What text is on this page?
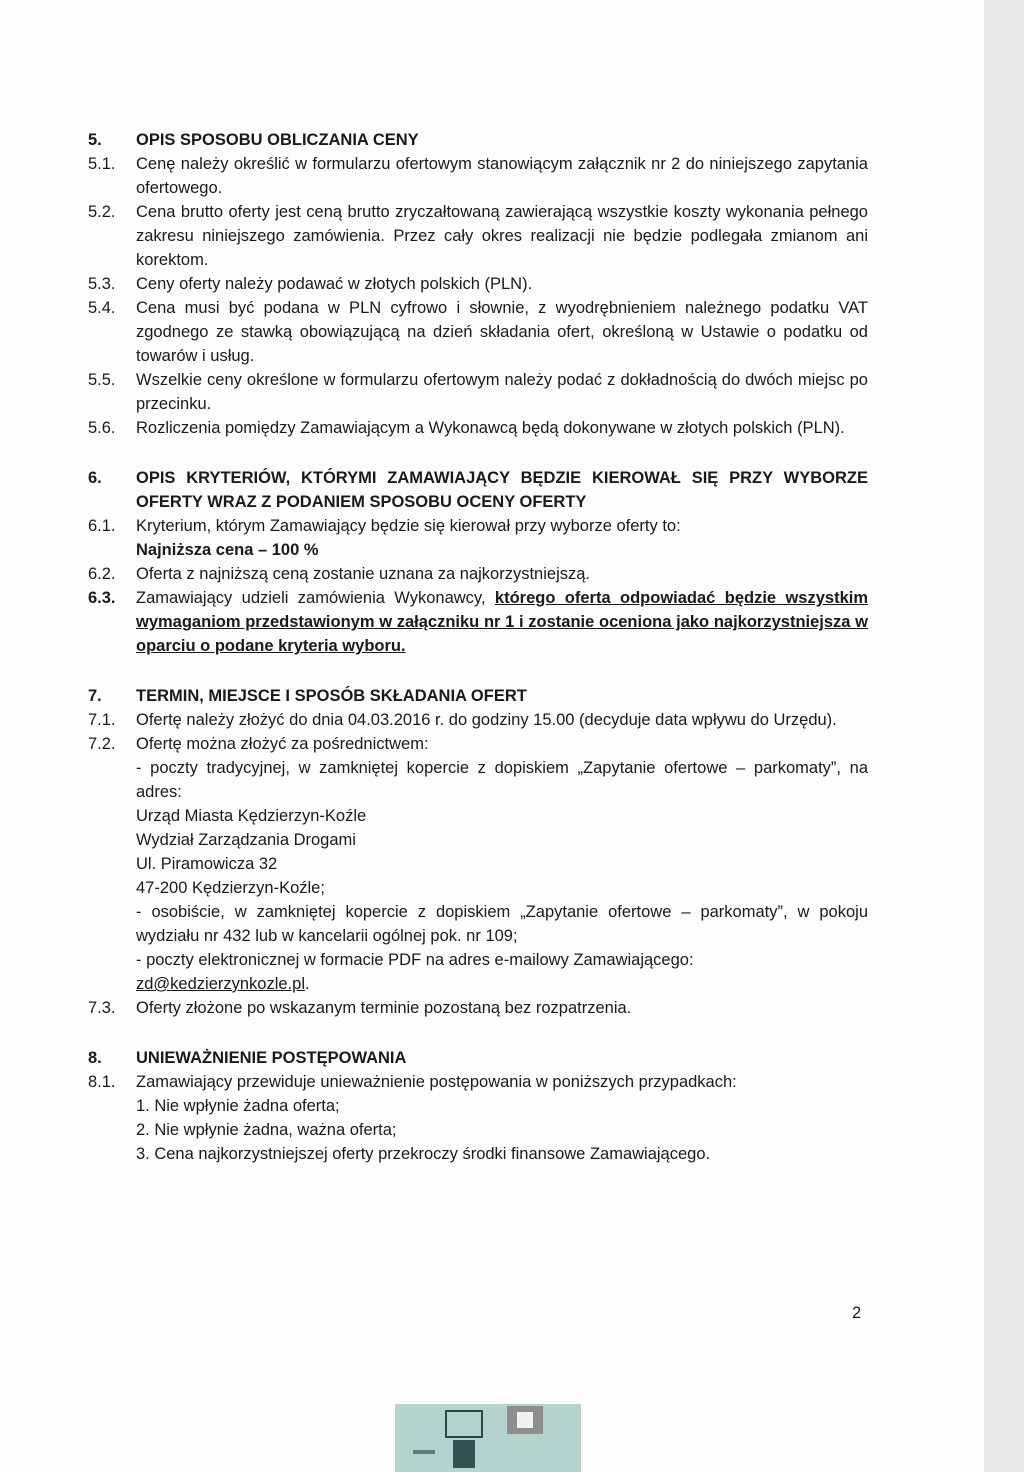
5.	OPIS SPOSOBU OBLICZANIA CENY
5.1.	Cenę należy określić w formularzu ofertowym stanowiącym załącznik nr 2 do niniejszego zapytania ofertowego.
5.2.	Cena brutto oferty jest ceną brutto zryczałtowaną zawierającą wszystkie koszty wykonania pełnego zakresu niniejszego zamówienia. Przez cały okres realizacji nie będzie podlegała zmianom ani korektom.
5.3.	Ceny oferty należy podawać w złotych polskich (PLN).
5.4.	Cena musi być podana w PLN cyfrowo i słownie, z wyodrębnieniem należnego podatku VAT zgodnego ze stawką obowiązującą na dzień składania ofert, określoną w Ustawie o podatku od towarów i usług.
5.5.	Wszelkie ceny określone w formularzu ofertowym należy podać z dokładnością do dwóch miejsc po przecinku.
5.6.	Rozliczenia pomiędzy Zamawiającym a Wykonawcą będą dokonywane w złotych polskich (PLN).
6.	OPIS KRYTERIÓW, KTÓRYMI ZAMAWIAJĄCY BĘDZIE KIEROWAŁ SIĘ PRZY WYBORZE OFERTY WRAZ Z PODANIEM SPOSOBU OCENY OFERTY
6.1.	Kryterium, którym Zamawiający będzie się kierował przy wyborze oferty to:
Najniższa cena – 100 %
6.2.	Oferta z najniższą ceną zostanie uznana za najkorzystniejszą.
6.3.	Zamawiający udzieli zamówienia Wykonawcy, którego oferta odpowiadać będzie wszystkim wymaganiom przedstawionym w załączniku nr 1 i zostanie oceniona jako najkorzystniejsza w oparciu o podane kryteria wyboru.
7.	TERMIN, MIEJSCE I SPOSÓB SKŁADANIA OFERT
7.1.	Ofertę należy złożyć do dnia 04.03.2016 r. do godziny 15.00 (decyduje data wpływu do Urzędu).
7.2.	Ofertę można złożyć za pośrednictwem:
- poczty tradycyjnej, w zamkniętej kopercie z dopiskiem „Zapytanie ofertowe – parkomaty”, na adres:
Urząd Miasta Kędzierzyn-Koźle
Wydział Zarządzania Drogami
Ul. Piramowicza 32
47-200 Kędzierzyn-Koźle;
- osobiście, w zamkniętej kopercie z dopiskiem „Zapytanie ofertowe – parkomaty”, w pokoju wydziału nr 432 lub w kancelarii ogólnej pok. nr 109;
- poczty elektronicznej w formacie PDF na adres e-mailowy Zamawiającego:
zd@kedzierzynkozle.pl.
7.3.	Oferty złożone po wskazanym terminie pozostaną bez rozpatrzenia.
8.	UNIEWAŻNIENIE POSTĘPOWANIA
8.1.	Zamawiający przewiduje unieważnienie postępowania w poniższych przypadkach:
1. Nie wpłynie żadna oferta;
2. Nie wpłynie żadna, ważna oferta;
3. Cena najkorzystniejszej oferty przekroczy środki finansowe Zamawiającego.
2
